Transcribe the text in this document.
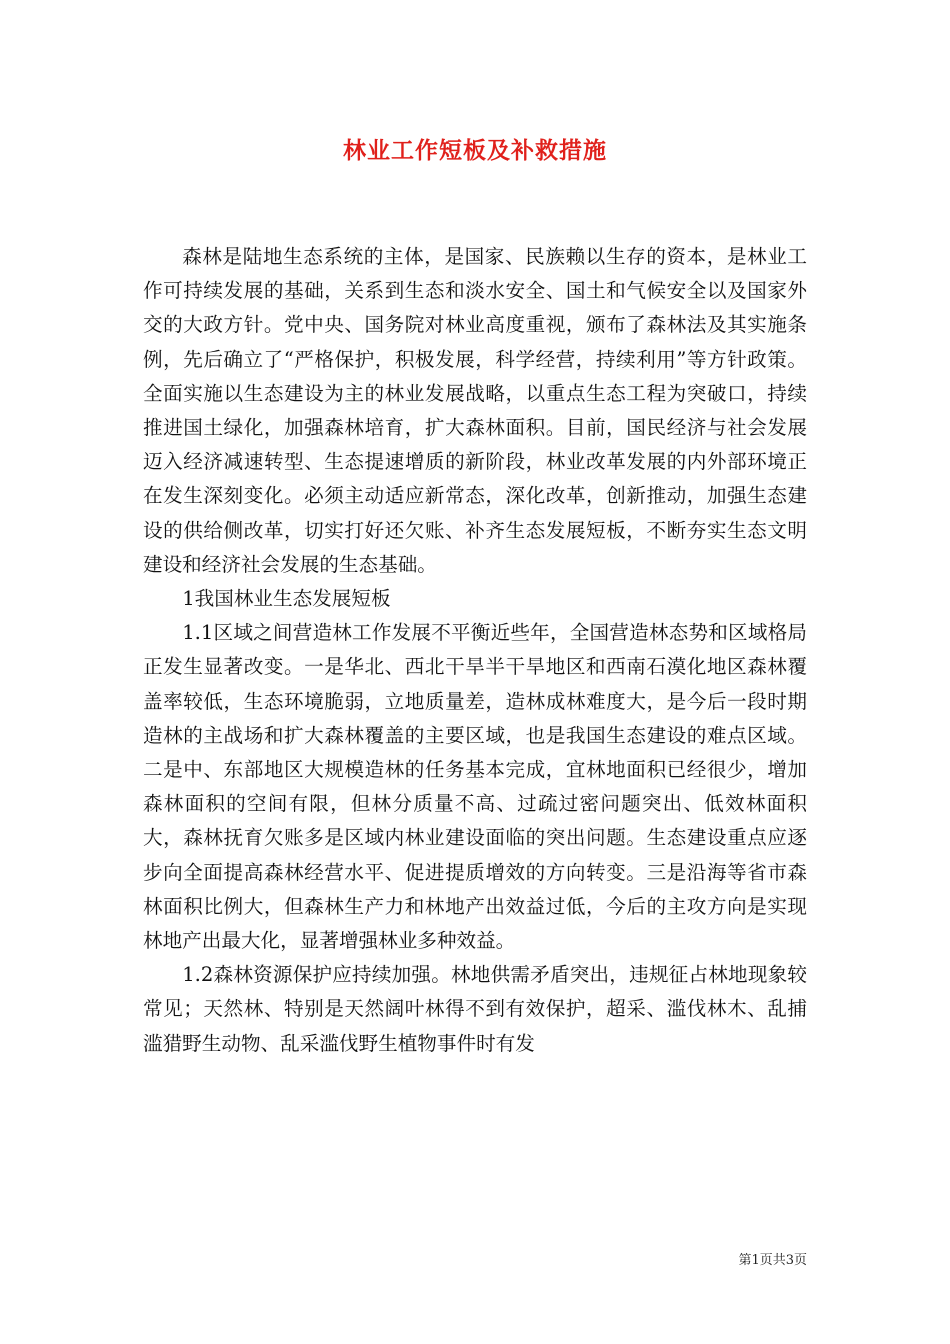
林业工作短板及补救措施

森林是陆地生态系统的主体，是国家、民族赖以生存的资本，是林业工作可持续发展的基础，关系到生态和淡水安全、国土和气候安全以及国家外交的大政方针。党中央、国务院对林业高度重视，颁布了森林法及其实施条例，先后确立了“严格保护，积极发展，科学经营，持续利用”等方针政策。全面实施以生态建设为主的林业发展战略，以重点生态工程为突破口，持续推进国土绿化，加强森林培育，扩大森林面积。目前，国民经济与社会发展迈入经济减速转型、生态提速增质的新阶段，林业改革发展的内外部环境正在发生深刻变化。必须主动适应新常态，深化改革，创新推动，加强生态建设的供给侧改革，切实打好还欠账、补齐生态发展短板，不断夯实生态文明建设和经济社会发展的生态基础。

1我国林业生态发展短板

1.1区域之间营造林工作发展不平衡近些年，全国营造林态势和区域格局正发生显著改变。一是华北、西北干旱半干旱地区和西南石漠化地区森林覆盖率较低，生态环境脆弱，立地质量差，造林成林难度大，是今后一段时期造林的主战场和扩大森林覆盖的主要区域，也是我国生态建设的难点区域。二是中、东部地区大规模造林的任务基本完成，宜林地面积已经很少，增加森林面积的空间有限，但林分质量不高、过疏过密问题突出、低效林面积大，森林抚育欠账多是区域内林业建设面临的突出问题。生态建设重点应逐步向全面提高森林经营水平、促进提质增效的方向转变。三是沿海等省市森林面积比例大，但森林生产力和林地产出效益过低，今后的主攻方向是实现林地产出最大化，显著增强林业多种效益。

1.2森林资源保护应持续加强。林地供需矛盾突出，违规征占林地现象较常见；天然林、特别是天然阔叶林得不到有效保护，超采、滥伐林木、乱捕滥猎野生动物、乱采滥伐野生植物事件时有发

第1页共3页
